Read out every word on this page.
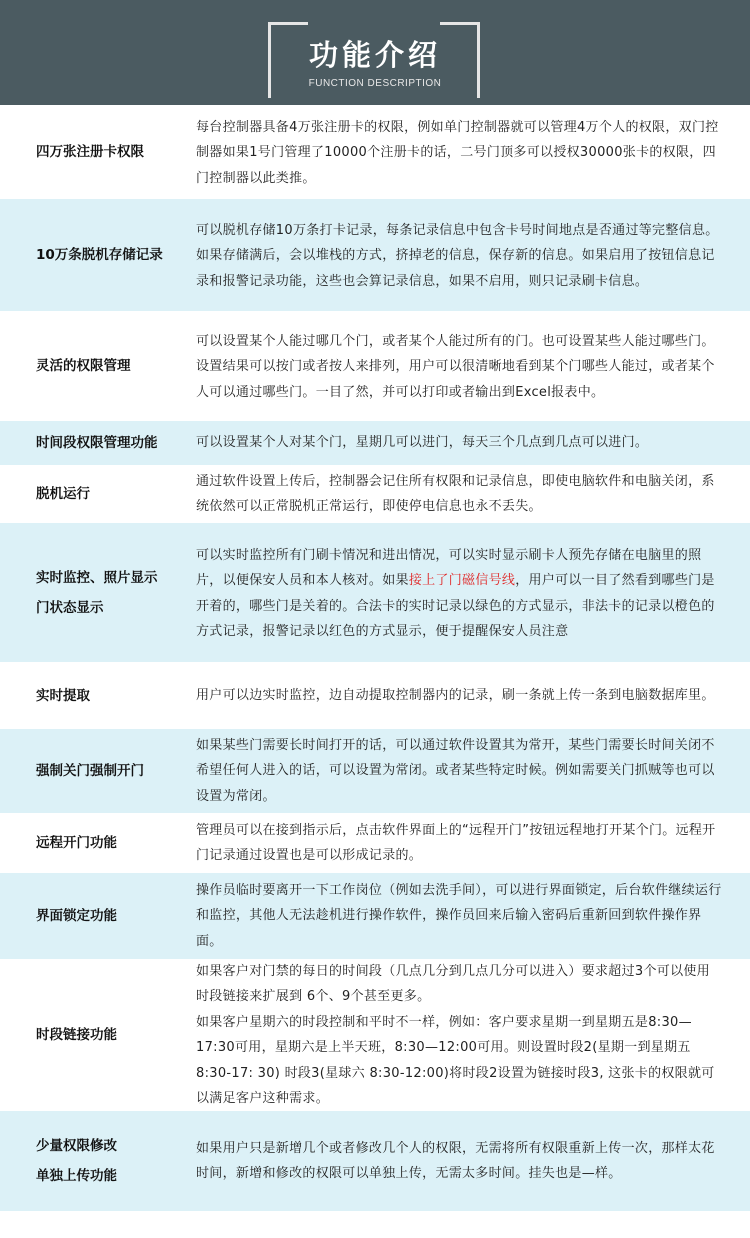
功能介绍
FUNCTION DESCRIPTION
四万张注册卡权限

每台控制器具备4万张注册卡的权限，例如单门控制器就可以管理4万个人的权限，双门控制器如果1号门管理了10000个注册卡的话，二号门顶多可以授权30000张卡的权限，四门控制器以此类推。

10万条脱机存储记录

可以脱机存储10万条打卡记录，每条记录信息中包含卡号时间地点是否通过等完整信息。如果存储满后，会以堆栈的方式，挤掉老的信息，保存新的信息。如果启用了按钮信息记录和报警记录功能，这些也会算记录信息，如果不启用，则只记录刷卡信息。

灵活的权限管理

可以设置某个人能过哪几个门，或者某个人能过所有的门。也可设置某些人能过哪些门。设置结果可以按门或者按人来排列，用户可以很清晰地看到某个门哪些人能过，或者某个人可以通过哪些门。一目了然，并可以打印或者输出到Excel报表中。

时间段权限管理功能	可以设置某个人对某个门，星期几可以进门，每天三个几点到几点可以进门。

脱机运行

通过软件设置上传后，控制器会记住所有权限和记录信息，即使电脑软件和电脑关闭，系统依然可以正常脱机正常运行，即使停电信息也永不丢失。

实时监控、照片显示
门状态显示

可以实时监控所有门刷卡情况和进出情况，可以实时显示刷卡人预先存储在电脑里的照片，以便保安人员和本人核对。如果接上了门磁信号线，用户可以一目了然看到哪些门是开着的，哪些门是关着的。合法卡的实时记录以绿色的方式显示，非法卡的记录以橙色的方式记录，报警记录以红色的方式显示，便于提醒保安人员注意

实时提取	用户可以边实时监控，边自动提取控制器内的记录，刷一条就上传一条到电脑数据库里。

强制关门强制开门

如果某些门需要长时间打开的话，可以通过软件设置其为常开，某些门需要长时间关闭不希望任何人进入的话，可以设置为常闭。或者某些特定时候。例如需要关门抓贼等也可以设置为常闭。

远程开门功能

管理员可以在接到指示后，点击软件界面上的“远程开门”按钮远程地打开某个门。远程开门记录通过设置也是可以形成记录的。

界面锁定功能

操作员临时要离开一下工作岗位（例如去洗手间），可以进行界面锁定，后台软件继续运行和监控，其他人无法趁机进行操作软件，操作员回来后输入密码后重新回到软件操作界面。

时段链接功能

如果客户对门禁的每日的时间段（几点几分到几点几分可以进入）要求超过3个可以使用时段链接来扩展到 6个、9个甚至更多。

如果客户星期六的时段控制和平时不一样，例如：客户要求星期一到星期五是8:30—17:30可用，星期六是上半天班，8:30—12:00可用。则设置时段2(星期一到星期五 8:30-17: 30) 时段3(星球六 8:30-12:00)将时段2设置为链接时段3, 这张卡的权限就可以满足客户这种需求。

少量权限修改
单独上传功能

如果用户只是新增几个或者修改几个人的权限，无需将所有权限重新上传一次，那样太花时间，新增和修改的权限可以单独上传，无需太多时间。挂失也是—样。
